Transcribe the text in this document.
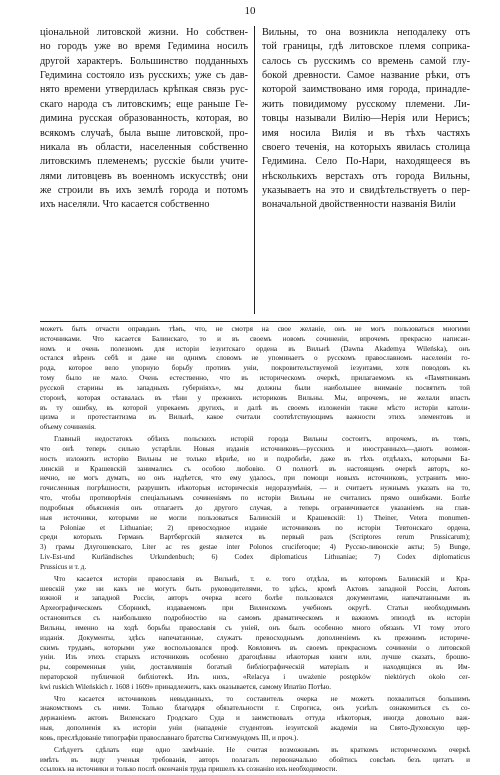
10
ціональной литовской жизни. Но собствен-
но городъ уже во время Гедимина носилъ
другой характеръ. Большинство подданныхъ
Гедимина состояло изъ русскихъ; уже съ дав-
нято времени утвердилась крѣпкая связь рус-
скаго народа съ литовскимъ; еще раньше Ге-
димина русская образованность, которая, во
всякомъ случаѣ, была выше литовской, про-
никала въ области, населенныя собственно
литовскимъ племенемъ; русскіе были учите-
лями литовцевъ въ военномъ искусствѣ; они
же строили въ ихъ землѣ города и потомъ
ихъ населяли. Что касается собственно
Вильны, то она возникла неподалеку отъ
той границы, гдѣ литовское племя соприка-
салось съ русскимъ со времень самой глу-
бокой древности. Самое название рѣки, отъ
которой заимствовано имя города, принадле-
жить повидимому русскому племени. Ли-
товцы называли Вилію—Нерія или Нерисъ;
имя носила Вилія и въ тѣхъ частяхъ
своего теченія, на которыхъ явилась столица
Гедимина. Село По-Нари, находящееся въ
нѣсколькихъ верстахъ отъ города Вильны,
указываетъ на это и свидѣтельствуетъ о пер-
воначальной двойственности названія Виліи
можетъ быть отчасти оправданъ тѣмъ, что, не смотря на свое желаніе, онъ не могъ пользоваться многими
источниками. Что касается Балинскаго, то и въ своемъ новомъ сочиненіи, впрочемъ прекрасно написан-
номъ и очень полезномъ для исторіи іезуитскаго ордена въ Вильнѣ (Dawna Akademya Wileńska), онъ
остался вѣренъ себѣ и даже ни однимъ словомъ не упоминаетъ о русскомъ православномъ населеніи го-
рода, которое вело упорную борьбу противъ уніи, покровительствуемой іезуитами, хотя поводовъ къ
тому было не мало. Очень естественно, что въ историческомъ очеркѣ, прилагаемомъ къ «Памятникамъ
русской старины въ западныхъ губерніяхъ», мы должны были наибольшее вниманіе посвятить той
сторонѣ, которая оставалась въ тѣни у прежнихъ историковъ Вильны. Мы, впрочемъ, не желали впасть
въ ту ошибку, въ которой упрекаемъ другихъ, и далѣ въ своемъ изложеніи также мѣсто исторіи католи-
цизма и протестантизма въ Вильнѣ, какое считали соотвѣтствующимъ важности этихъ элементовъ и
объему сочиненія.
Главный недостатокъ обѣихъ польскихъ исторій города Вильны состоитъ, впрочемъ, въ томъ,
что онѣ теперь сильно устарѣли. Новыя изданія источниковъ—русскихъ и иностранныхъ—даютъ возмож-
ность изложить исторію Вильны не только вѣрнѣе, но и подробнѣе, даже въ тѣхъ отдѣлахъ, которыми Ба-
линскій и Крашевскій занимались съ особою любовію. О полнотѣ въ настоящемъ очеркѣ авторъ, ко-
нечно, не могъ думать, но онъ надѣется, что ему удалось, при помощи новыхъ источниковъ, устранить мно-
гочисленныя погрѣшности, разрушить нѣкоторыя историческія недоразумѣнія, — и считаетъ нужнымъ указать на то,
что, чтобы противорѣчія спеціальнымъ сочиненіямъ по исторіи Вильны не считались прямо ошибками. Болѣе
подробныя объясненія онъ отлагаетъ до другого случая, а теперь ограничивается указаніемъ на глав-
ныя источники, которыми не могли пользоваться Балинскій и Крашевскій: 1) Theiner, Vetera monumen-
ta Poloniae et Lithuaniae; 2) превосходное изданіе источниковъ по исторіи Тевтонскаго ордена,
среди которыхъ Германъ Вартбергскій является въ первый разъ (Scriptores rerum Prussicarum);
3) грамы Длугошевскаго, Liter ac res gestae inter Polonos cruciferoque; 4) Русско-ливонскіе акты; 5) Bunge,
Liv-Est-und Kurländisches Urkundenbuch; 6) Codex diplomaticus Lithuaniae; 7) Codex diplomaticus
Prussicus и т. д.
Что касается исторіи православія въ Вильнѣ, т. е. того отдѣла, въ которомъ Балинскій и Кра-
шевскій уже ни какъ не могутъ быть руководителями, то здѣсь, кромѣ Актовъ западной Россіи, Актовъ
южной и западной Россіи, авторъ очерка всего болѣе пользовался документами, напечатанными въ
Археографическомъ Сборникѣ, издаваемомъ при Виленскомъ учебномъ округѣ. Статьи необходимымъ
остановиться съ наибольшею подробностію на самомъ драматическомъ и важномъ эпизодѣ въ исторіи
Вильны, именно на ходѣ борьбы православія съ уніей, онъ былъ особенно много обязанъ VI тому этого
изданія. Документы, здѣсь напечатанные, служатъ превосходнымъ дополненіемъ къ прежнимъ историче-
скимъ трудамъ, которыми уже воспользовался проф. Кояловичъ въ своемъ прекрасномъ сочиненіи о литовской
уніи. Изъ этихъ старыхъ источниковъ особенно драгоцѣнны нѣкоторыя книги или, лучше сказать, брошю-
ры, современныя уніи, доставлявшія богатый библіографическій матеріалъ и находящіяся въ Им-
ператорской публичной библіотекѣ. Изъ нихъ, «Relacya i uważenie postępków niektórych około cer-
kwi ruskich Wileńskich r. 1608 i 1609» принадлежитъ, какъ оказывается, самому Ипатію Потѣю.
Что касается источниковъ невыданныхъ, то составитель очерка не можетъ похвалиться большимъ
знакомствомъ съ ними. Только благодаря обязательности г. Спрогиса, онъ усиѣлъ ознакомиться съ со-
держаніемъ актовъ Виленскаго Гродскаго Суда и заимствовалъ оттуда нѣкоторыя, иногда довольно важ-
ныя, дополненія къ исторіи уніи (нападеніе студентовъ іезуитской академіи на Свято-Духовскую цер-
ковь, преслѣдованіе типографіи православнаго братства Сигизмундомъ III, и проч.).
Слѣдуетъ сдѣлать еще одно замѣчаніе. Не считая возможнымъ въ краткомъ историческомъ очеркѣ
имѣть въ виду ученыя требованія, авторъ полагалъ первоначально обойтись совсѣмъ безъ цитатъ и
ссылокъ на источники и только послѣ окончанія труда пришелъ къ сознанію ихъ необходимости.
